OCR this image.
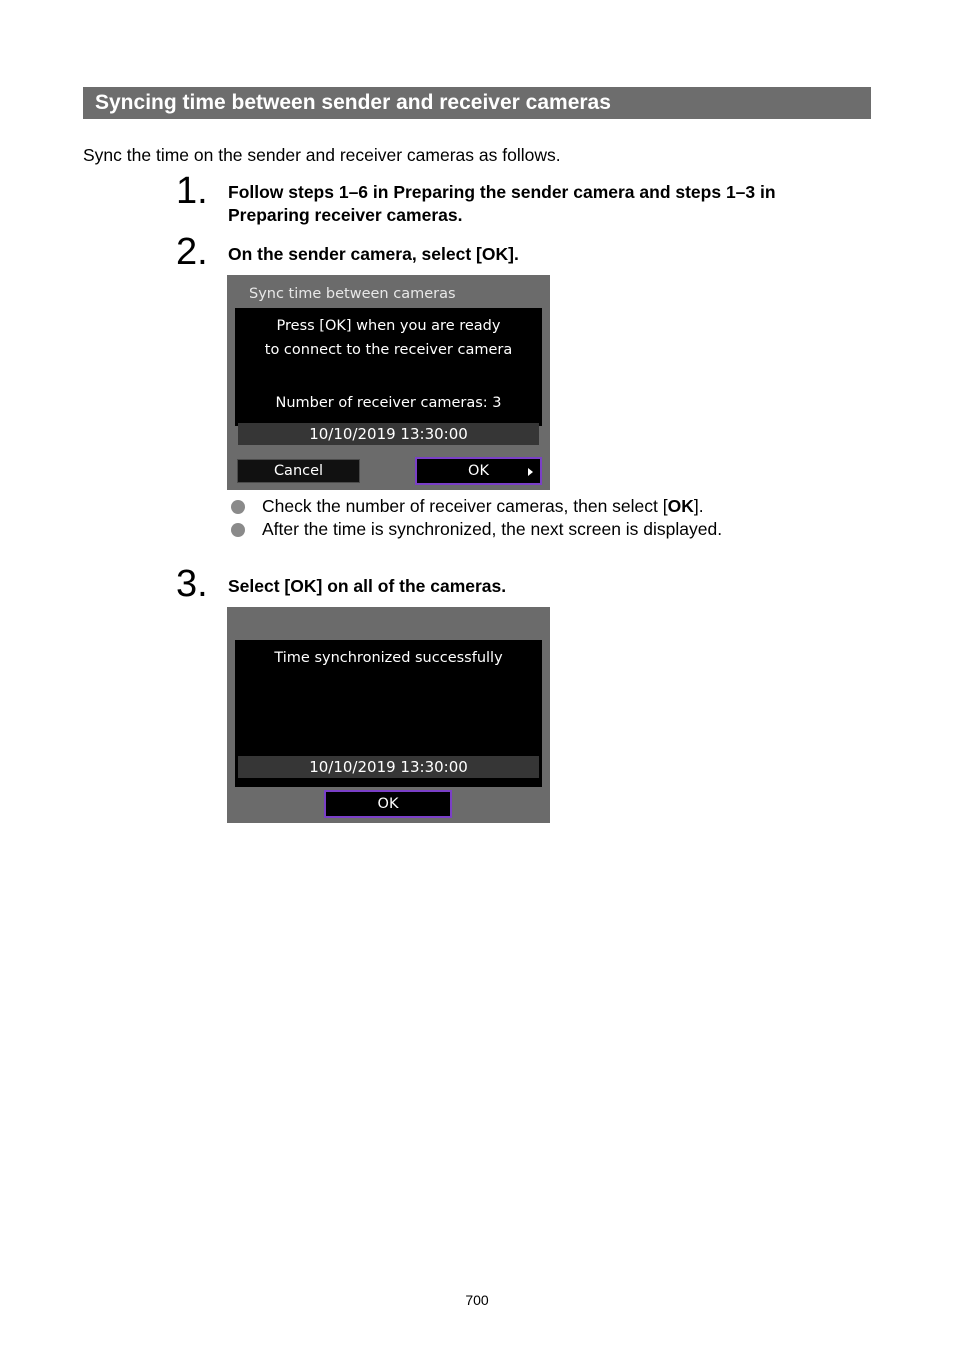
Syncing time between sender and receiver cameras
Sync the time on the sender and receiver cameras as follows.
1. Follow steps 1–6 in Preparing the sender camera and steps 1–3 in
Preparing receiver cameras.
2. On the sender camera, select [OK].
Sync time between cameras
Press [OK] when you are ready
to connect to the receiver camera
Number of receiver cameras: 3
10/10/2019 13:30:00
Cancel	OK
Check the number of receiver cameras, then select [OK].
After the time is synchronized, the next screen is displayed.
3. Select [OK] on all of the cameras.
Time synchronized successfully
10/10/2019 13:30:00
OK
700
